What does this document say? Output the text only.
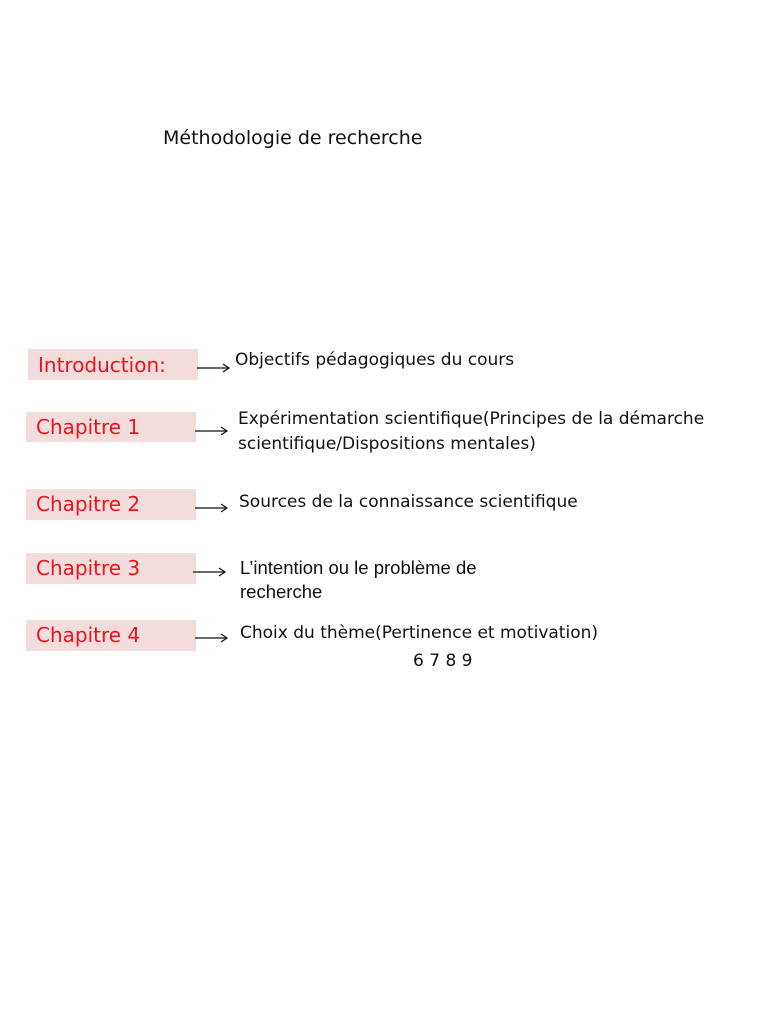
Méthodologie de recherche
Introduction:	Objectifs pédagogiques du cours
Chapitre 1	Expérimentation scientifique(Principes de la démarche
scientifique/Dispositions mentales)
Chapitre 2	Sources de la connaissance scientifique
Chapitre 3	L’intention ou le problème de
recherche
Chapitre 4	Choix du thème(Pertinence et motivation)
6 7 8 9
